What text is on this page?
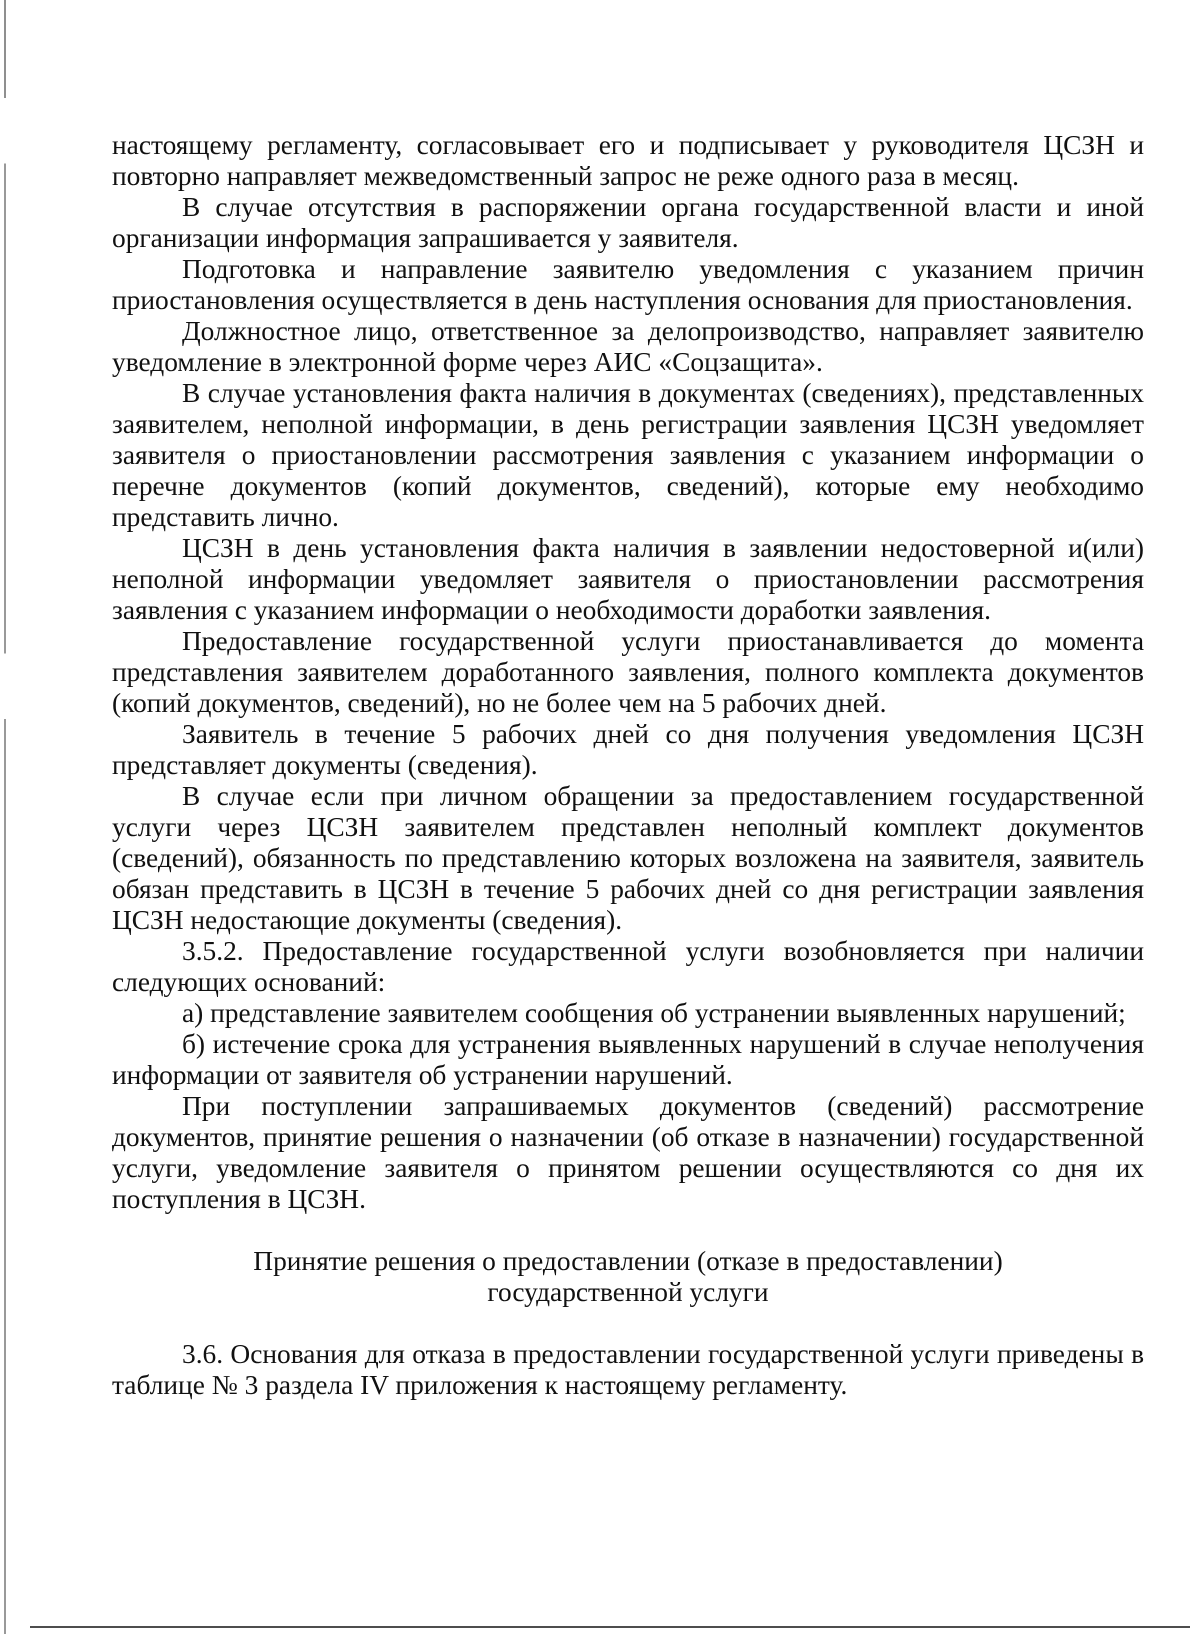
настоящему регламенту, согласовывает его и подписывает у руководителя ЦСЗН и повторно направляет межведомственный запрос не реже одного раза в месяц.

В случае отсутствия в распоряжении органа государственной власти и иной организации информация запрашивается у заявителя.

Подготовка и направление заявителю уведомления с указанием причин приостановления осуществляется в день наступления основания для приостановления.

Должностное лицо, ответственное за делопроизводство, направляет заявителю уведомление в электронной форме через АИС «Соцзащита».

В случае установления факта наличия в документах (сведениях), представленных заявителем, неполной информации, в день регистрации заявления ЦСЗН уведомляет заявителя о приостановлении рассмотрения заявления с указанием информации о перечне документов (копий документов, сведений), которые ему необходимо представить лично.

ЦСЗН в день установления факта наличия в заявлении недостоверной и(или) неполной информации уведомляет заявителя о приостановлении рассмотрения заявления с указанием информации о необходимости доработки заявления.

Предоставление государственной услуги приостанавливается до момента представления заявителем доработанного заявления, полного комплекта документов (копий документов, сведений), но не более чем на 5 рабочих дней.

Заявитель в течение 5 рабочих дней со дня получения уведомления ЦСЗН представляет документы (сведения).

В случае если при личном обращении за предоставлением государственной услуги через ЦСЗН заявителем представлен неполный комплект документов (сведений), обязанность по представлению которых возложена на заявителя, заявитель обязан представить в ЦСЗН в течение 5 рабочих дней со дня регистрации заявления ЦСЗН недостающие документы (сведения).

3.5.2. Предоставление государственной услуги возобновляется при наличии следующих оснований:

а) представление заявителем сообщения об устранении выявленных нарушений;

б) истечение срока для устранения выявленных нарушений в случае неполучения информации от заявителя об устранении нарушений.

При поступлении запрашиваемых документов (сведений) рассмотрение документов, принятие решения о назначении (об отказе в назначении) государственной услуги, уведомление заявителя о принятом решении осуществляются со дня их поступления в ЦСЗН.

Принятие решения о предоставлении (отказе в предоставлении)
государственной услуги

3.6. Основания для отказа в предоставлении государственной услуги приведены в таблице № 3 раздела IV приложения к настоящему регламенту.
